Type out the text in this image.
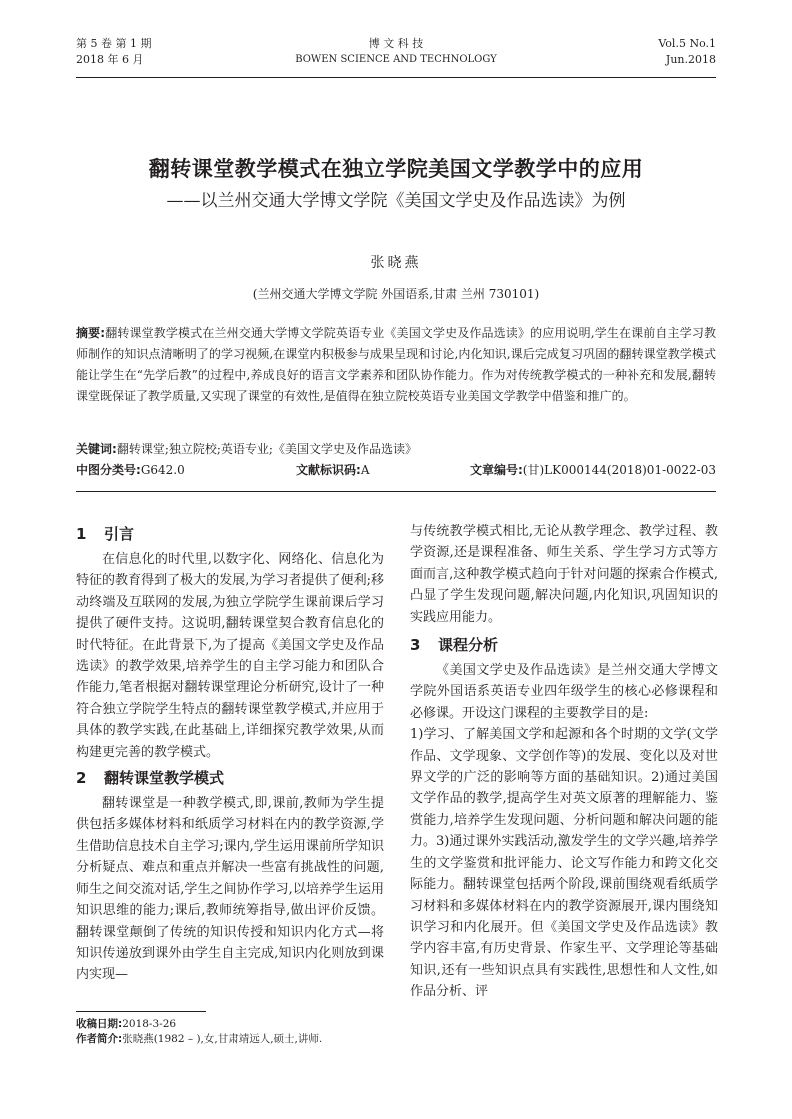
第 5 卷 第 1 期
2018 年 6 月
博 文 科 技
BOWEN SCIENCE AND TECHNOLOGY
Vol.5 No.1
Jun.2018
翻转课堂教学模式在独立学院美国文学教学中的应用
——以兰州交通大学博文学院《美国文学史及作品选读》为例
张晓燕
(兰州交通大学博文学院 外国语系,甘肃 兰州 730101)
摘要:翻转课堂教学模式在兰州交通大学博文学院英语专业《美国文学史及作品选读》的应用说明,学生在课前自主学习教师制作的知识点清晰明了的学习视频,在课堂内积极参与成果呈现和讨论,内化知识,课后完成复习巩固的翻转课堂教学模式能让学生在“先学后教”的过程中,养成良好的语言文学素养和团队协作能力。作为对传统教学模式的一种补充和发展,翻转课堂既保证了教学质量,又实现了课堂的有效性,是值得在独立院校英语专业美国文学教学中借鉴和推广的。
关键词:翻转课堂;独立院校;英语专业;《美国文学史及作品选读》
中图分类号:G642.0	文献标识码:A	文章编号:(甘)LK000144(2018)01-0022-03
1 引言

在信息化的时代里,以数字化、网络化、信息化为特征的教育得到了极大的发展,为学习者提供了便利;移动终端及互联网的发展,为独立学院学生课前课后学习提供了硬件支持。这说明,翻转课堂契合教育信息化的时代特征。在此背景下,为了提高《美国文学史及作品选读》的教学效果,培养学生的自主学习能力和团队合作能力,笔者根据对翻转课堂理论分析研究,设计了一种符合独立学院学生特点的翻转课堂教学模式,并应用于具体的教学实践,在此基础上,详细探究教学效果,从而构建更完善的教学模式。

2 翻转课堂教学模式

翻转课堂是一种教学模式,即,课前,教师为学生提供包括多媒体材料和纸质学习材料在内的教学资源,学生借助信息技术自主学习;课内,学生运用课前所学知识分析疑点、难点和重点并解决一些富有挑战性的问题,师生之间交流对话,学生之间协作学习,以培养学生运用知识思维的能力;课后,教师统筹指导,做出评价反馈。翻转课堂颠倒了传统的知识传授和知识内化方式—将知识传递放到课外由学生自主完成,知识内化则放到课内实现—

与传统教学模式相比,无论从教学理念、教学过程、教学资源,还是课程准备、师生关系、学生学习方式等方面而言,这种教学模式趋向于针对问题的探索合作模式,凸显了学生发现问题,解决问题,内化知识,巩固知识的实践应用能力。

3 课程分析

《美国文学史及作品选读》是兰州交通大学博文学院外国语系英语专业四年级学生的核心必修课程和必修课。开设这门课程的主要教学目的是:

1)学习、了解美国文学和起源和各个时期的文学(文学作品、文学现象、文学创作等)的发展、变化以及对世界文学的广泛的影响等方面的基础知识。2)通过美国文学作品的教学,提高学生对英文原著的理解能力、鉴赏能力,培养学生发现问题、分析问题和解决问题的能力。3)通过课外实践活动,激发学生的文学兴趣,培养学生的文学鉴赏和批评能力、论文写作能力和跨文化交际能力。翻转课堂包括两个阶段,课前围绕观看纸质学习材料和多媒体材料在内的教学资源展开,课内围绕知识学习和内化展开。但《美国文学史及作品选读》教学内容丰富,有历史背景、作家生平、文学理论等基础知识,还有一些知识点具有实践性,思想性和人文性,如作品分析、评

收稿日期:2018-3-26
作者简介:张晓燕(1982 – ),女,甘肃靖远人,硕士,讲师.
